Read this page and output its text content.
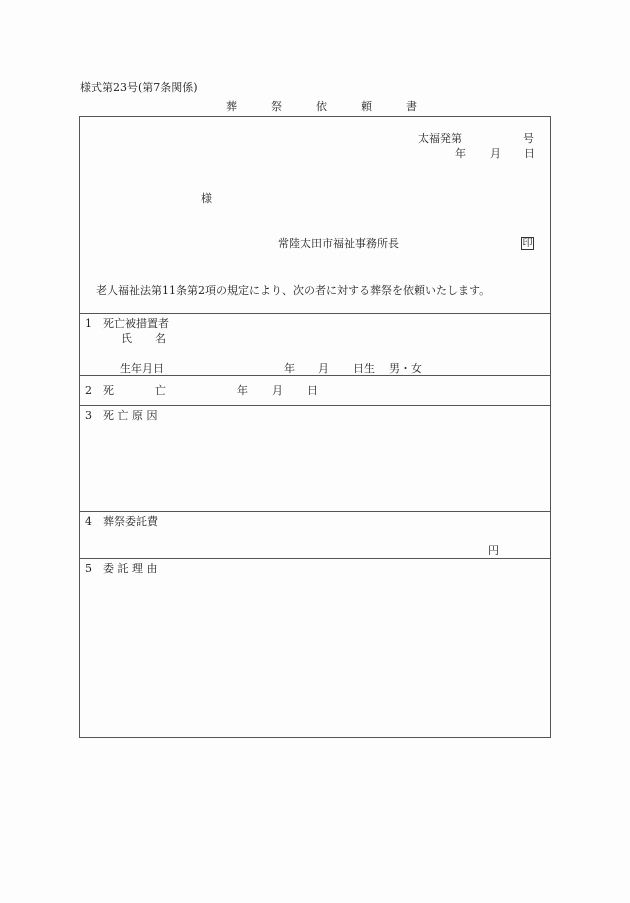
様式第23号(第7条関係)
葬	祭	依	頼	書
太福発第	号
年 月 日
様
常陸太田市福祉事務所長	印
老人福祉法第11条第2項の規定により、次の者に対する葬祭を依頼いたします。
1 死亡被措置者
氏 名
生年月日	年 月 日生 男・女
2 死	亡	年 月 日
3 死 亡 原 因
4 葬祭委託費
円
5 委 託 理 由
